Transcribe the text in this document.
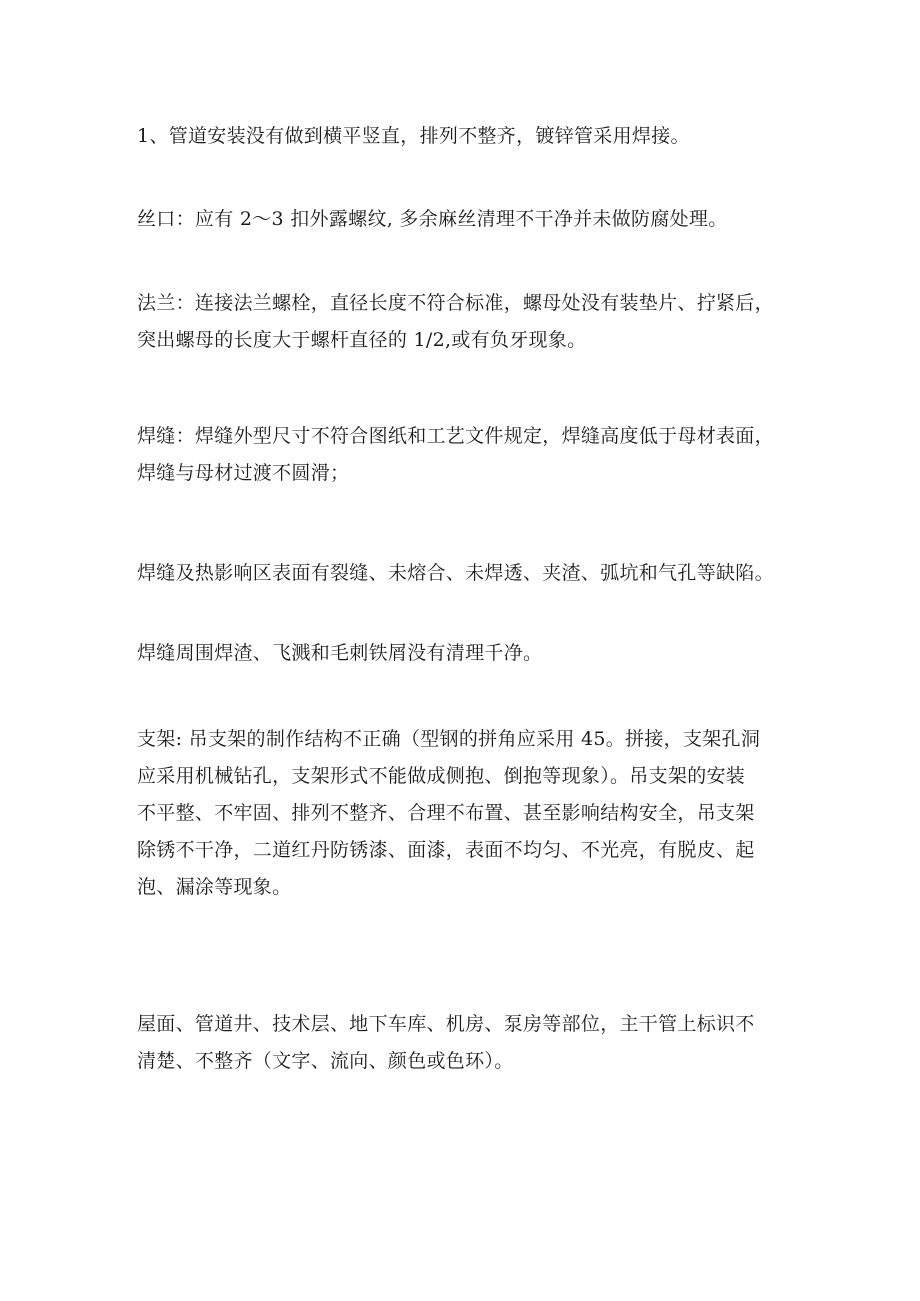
1、管道安装没有做到横平竖直，排列不整齐，镀锌管采用焊接。

丝口：应有 2～3 扣外露螺纹, 多余麻丝清理不干净并未做防腐处理。

法兰：连接法兰螺栓，直径长度不符合标准，螺母处没有装垫片、拧紧后，
突出螺母的长度大于螺杆直径的 1/2,或有负牙现象。

焊缝：焊缝外型尺寸不符合图纸和工艺文件规定，焊缝高度低于母材表面，
焊缝与母材过渡不圆滑；

焊缝及热影响区表面有裂缝、未熔合、未焊透、夹渣、弧坑和气孔等缺陷。

焊缝周围焊渣、飞溅和毛刺铁屑没有清理千净。

支架: 吊支架的制作结构不正确（型钢的拼角应采用 45。拼接，支架孔洞
应采用机械钻孔，支架形式不能做成侧抱、倒抱等现象）。吊支架的安装
不平整、不牢固、排列不整齐、合理不布置、甚至影响结构安全，吊支架
除锈不干净，二道红丹防锈漆、面漆，表面不均匀、不光亮，有脱皮、起
泡、漏涂等现象。

屋面、管道井、技术层、地下车库、机房、泵房等部位，主干管上标识不
清楚、不整齐（文字、流向、颜色或色环）。
